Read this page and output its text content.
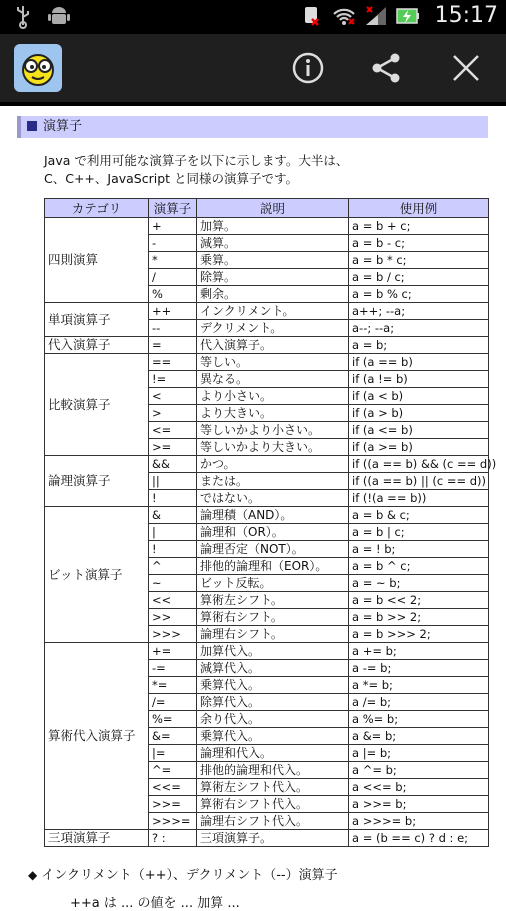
15:17
演算子
Java で利用可能な演算子を以下に示します。大半は、
C、C++、JavaScript と同様の演算子です。
カテゴリ	演算子	説明	使用例
四則演算	+	加算。	a = b + c;
	-	減算。	a = b - c;
	*	乗算。	a = b * c;
	/	除算。	a = b / c;
	%	剰余。	a = b % c;
単項演算子	++	インクリメント。	a++; --a;
	--	デクリメント。	a--; --a;
代入演算子	=	代入演算子。	a = b;
比較演算子	==	等しい。	if (a == b)
	!=	異なる。	if (a != b)
	<	より小さい。	if (a < b)
	>	より大きい。	if (a > b)
	<=	等しいかより小さい。	if (a <= b)
	>=	等しいかより大きい。	if (a >= b)
論理演算子	&&	かつ。	if ((a == b) && (c == d))
	||	または。	if ((a == b) || (c == d))
	!	ではない。	if (!(a == b))
ビット演算子	&	論理積（AND）。	a = b & c;
	|	論理和（OR）。	a = b | c;
	!	論理否定（NOT）。	a = ! b;
	^	排他的論理和（EOR）。	a = b ^ c;
	~	ビット反転。	a = ~ b;
	<<	算術左シフト。	a = b << 2;
	>>	算術右シフト。	a = b >> 2;
	>>>	論理右シフト。	a = b >>> 2;
算術代入演算子	+=	加算代入。	a += b;
	-=	減算代入。	a -= b;
	*=	乗算代入。	a *= b;
	/=	除算代入。	a /= b;
	%=	余り代入。	a %= b;
	&=	乗算代入。	a &= b;
	|=	論理和代入。	a |= b;
	^=	排他的論理和代入。	a ^= b;
	<<=	算術左シフト代入。	a <<= b;
	>>=	算術右シフト代入。	a >>= b;
	>>>=	論理右シフト代入。	a >>>= b;
三項演算子	? :	三項演算子。	a = (b == c) ? d : e;
◆ インクリメント（++）、デクリメント（--）演算子
++a は ... の値を ... 加算 ...
